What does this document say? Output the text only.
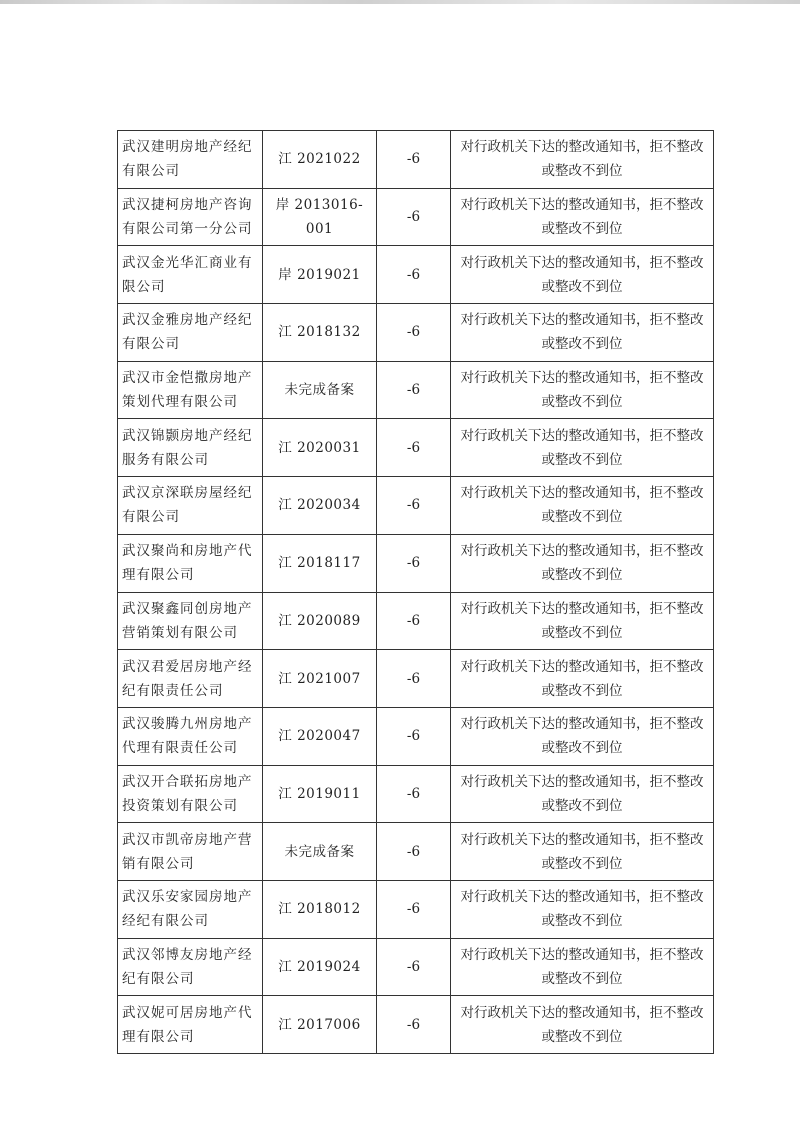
武汉建明房地产经纪
有限公司	江 2021022	-6	对行政机关下达的整改通知书，拒不整改
或整改不到位

武汉捷柯房地产咨询
有限公司第一分公司	岸 2013016-001	-6	对行政机关下达的整改通知书，拒不整改
或整改不到位

武汉金光华汇商业有
限公司	岸 2019021	-6	对行政机关下达的整改通知书，拒不整改
或整改不到位

武汉金雅房地产经纪
有限公司	江 2018132	-6	对行政机关下达的整改通知书，拒不整改
或整改不到位

武汉市金恺撒房地产
策划代理有限公司	未完成备案	-6	对行政机关下达的整改通知书，拒不整改
或整改不到位

武汉锦颢房地产经纪
服务有限公司	江 2020031	-6	对行政机关下达的整改通知书，拒不整改
或整改不到位

武汉京深联房屋经纪
有限公司	江 2020034	-6	对行政机关下达的整改通知书，拒不整改
或整改不到位

武汉聚尚和房地产代
理有限公司	江 2018117	-6	对行政机关下达的整改通知书，拒不整改
或整改不到位

武汉聚鑫同创房地产
营销策划有限公司	江 2020089	-6	对行政机关下达的整改通知书，拒不整改
或整改不到位

武汉君爱居房地产经
纪有限责任公司	江 2021007	-6	对行政机关下达的整改通知书，拒不整改
或整改不到位

武汉骏腾九州房地产
代理有限责任公司	江 2020047	-6	对行政机关下达的整改通知书，拒不整改
或整改不到位

武汉开合联拓房地产
投资策划有限公司	江 2019011	-6	对行政机关下达的整改通知书，拒不整改
或整改不到位

武汉市凯帝房地产营
销有限公司	未完成备案	-6	对行政机关下达的整改通知书，拒不整改
或整改不到位

武汉乐安家园房地产
经纪有限公司	江 2018012	-6	对行政机关下达的整改通知书，拒不整改
或整改不到位

武汉邻博友房地产经
纪有限公司	江 2019024	-6	对行政机关下达的整改通知书，拒不整改
或整改不到位

武汉妮可居房地产代
理有限公司	江 2017006	-6	对行政机关下达的整改通知书，拒不整改
或整改不到位
